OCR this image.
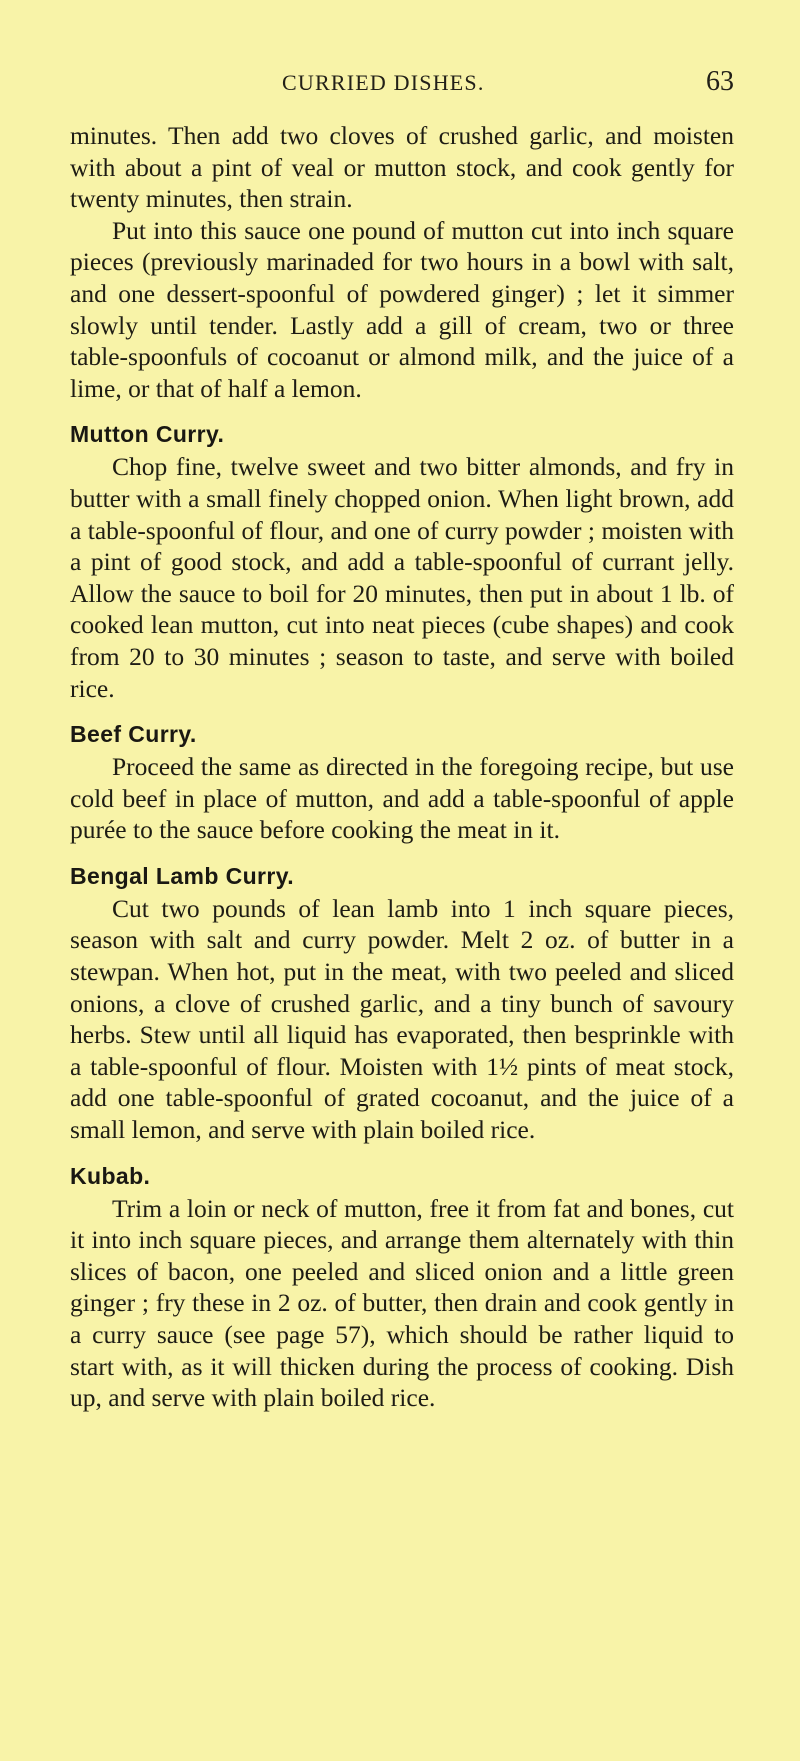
CURRIED DISHES.	63

minutes. Then add two cloves of crushed garlic, and moisten with about a pint of veal or mutton stock, and cook gently for twenty minutes, then strain.

Put into this sauce one pound of mutton cut into inch square pieces (previously marinaded for two hours in a bowl with salt, and one dessert-spoonful of powdered ginger) ; let it simmer slowly until tender. Lastly add a gill of cream, two or three table-spoonfuls of cocoanut or almond milk, and the juice of a lime, or that of half a lemon.

Mutton Curry.

Chop fine, twelve sweet and two bitter almonds, and fry in butter with a small finely chopped onion. When light brown, add a table-spoonful of flour, and one of curry powder ; moisten with a pint of good stock, and add a table-spoonful of currant jelly. Allow the sauce to boil for 20 minutes, then put in about 1 lb. of cooked lean mutton, cut into neat pieces (cube shapes) and cook from 20 to 30 minutes ; season to taste, and serve with boiled rice.

Beef Curry.

Proceed the same as directed in the foregoing recipe, but use cold beef in place of mutton, and add a table-spoonful of apple purée to the sauce before cooking the meat in it.

Bengal Lamb Curry.

Cut two pounds of lean lamb into 1 inch square pieces, season with salt and curry powder. Melt 2 oz. of butter in a stewpan. When hot, put in the meat, with two peeled and sliced onions, a clove of crushed garlic, and a tiny bunch of savoury herbs. Stew until all liquid has evaporated, then besprinkle with a table-spoonful of flour. Moisten with 1½ pints of meat stock, add one table-spoonful of grated cocoanut, and the juice of a small lemon, and serve with plain boiled rice.

Kubab.

Trim a loin or neck of mutton, free it from fat and bones, cut it into inch square pieces, and arrange them alternately with thin slices of bacon, one peeled and sliced onion and a little green ginger ; fry these in 2 oz. of butter, then drain and cook gently in a curry sauce (see page 57), which should be rather liquid to start with, as it will thicken during the process of cooking. Dish up, and serve with plain boiled rice.
